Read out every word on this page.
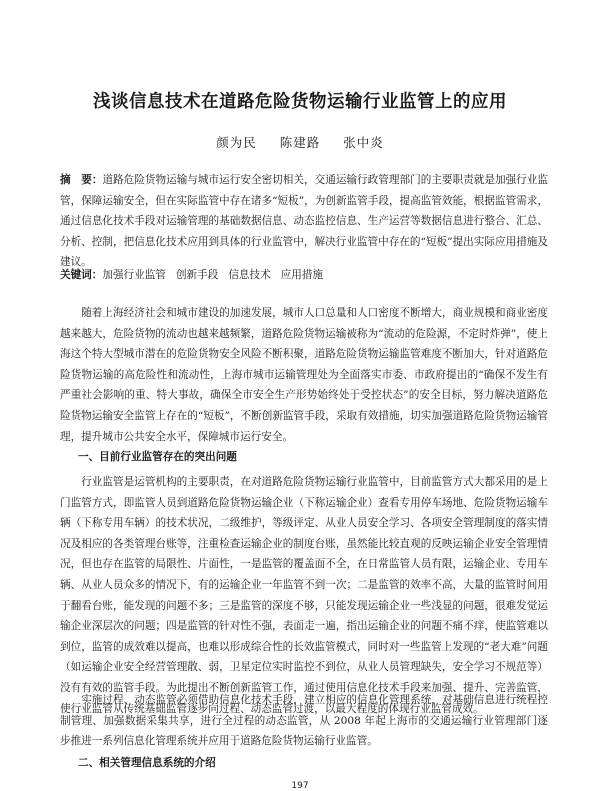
浅谈信息技术在道路危险货物运输行业监管上的应用
颜为民 陈建路 张中炎

摘　要：道路危险货物运输与城市运行安全密切相关，交通运输行政管理部门的主要职责就是加强行业监管，保障运输安全，但在实际监管中存在诸多“短板”，为创新监管手段，提高监管效能，根据监管需求，通过信息化技术手段对运输管理的基础数据信息、动态监控信息、生产运营等数据信息进行整合、汇总、分析、控制，把信息化技术应用到具体的行业监管中，解决行业监管中存在的“短板”提出实际应用措施及建议。

关键词：加强行业监管 创新手段 信息技术 应用措施

随着上海经济社会和城市建设的加速发展，城市人口总量和人口密度不断增大，商业规模和商业密度越来越大，危险货物的流动也越来越频繁，道路危险货物运输被称为“流动的危险源，不定时炸弹”，使上海这个特大型城市潜在的危险货物安全风险不断积聚，道路危险货物运输监管难度不断加大，针对道路危险货物运输的高危险性和流动性，上海市城市运输管理处为全面落实市委、市政府提出的“确保不发生有严重社会影响的重、特大事故，确保全市安全生产形势始终处于受控状态”的安全目标，努力解决道路危险货物运输安全监管上存在的“短板”，不断创新监管手段，采取有效措施，切实加强道路危险货物运输管理，提升城市公共安全水平，保障城市运行安全。

一、目前行业监管存在的突出问题

行业监管是运管机构的主要职责，在对道路危险货物运输行业监管中，目前监管方式大都采用的是上门监管方式，即监管人员到道路危险货物运输企业（下称运输企业）查看专用停车场地、危险货物运输车辆（下称专用车辆）的技术状况，二级维护，等级评定、从业人员安全学习、各项安全管理制度的落实情况及相应的各类管理台账等，注重检查运输企业的制度台账，虽然能比较直观的反映运输企业安全管理情况，但也存在监管的局限性、片面性，一是监管的覆盖面不全，在日常监管人员有限，运输企业、专用车辆、从业人员众多的情况下，有的运输企业一年监管不到一次；二是监管的效率不高，大量的监管时间用于翻看台账，能发现的问题不多；三是监管的深度不够，只能发现运输企业一些浅显的问题，很难发觉运输企业深层次的问题；四是监管的针对性不强，表面走一遍，指出运输企业的问题不痛不痒，使监管难以到位，监管的成效难以提高，也难以形成综合性的长效监管模式，同时对一些监管上发现的“老大难”问题（如运输企业安全经营管理散、弱，卫星定位实时监控不到位，从业人员管理缺失，安全学习不规范等）没有有效的监管手段。为此提出不断创新监管工作，通过使用信息化技术手段来加强、提升、完善监管，使行业监管从传统基础监管逐步向过程、动态监管过渡，以最大程度的体现行业监管成效。

实施过程、动态监管必须借助信息化技术手段，建立相应的信息化管理系统，对基础信息进行统程控制管理、加强数据采集共享，进行全过程的动态监管，从 2008 年起上海市的交通运输行业管理部门逐步推进一系列信息化管理系统并应用于道路危险货物运输行业监管。

二、相关管理信息系统的介绍
197
